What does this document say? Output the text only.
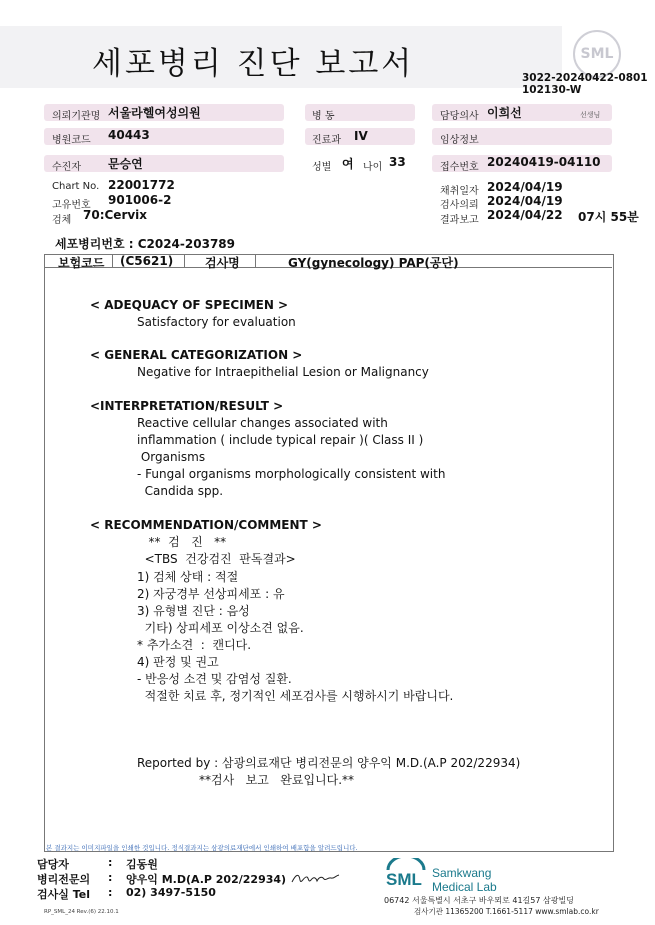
세포병리 진단 보고서	SML
3022-20240422-0801
102130-W
의뢰기관명 서울라헬여성의원	병 동	담당의사 이희선	선생님
병원코드 40443	진료과 IV	임상정보
수진자 문승연	성별 여 나이 33	접수번호 20240419-04110
Chart No. 22001772
고유번호 901006-2
검체 70:Cervix
채취일자 2024/04/19
검사의뢰 2024/04/19
결과보고 2024/04/22 07시 55분
세포병리번호 : C2024-203789
보험코드 (C5621)	검사명	GY(gynecology) PAP(공단)
< ADEQUACY OF SPECIMEN >
Satisfactory for evaluation
< GENERAL CATEGORIZATION >
Negative for Intraepithelial Lesion or Malignancy
<INTERPRETATION/RESULT >
Reactive cellular changes associated with
inflammation ( include typical repair )( Class II )
Organisms
- Fungal organisms morphologically consistent with
Candida spp.
< RECOMMENDATION/COMMENT >
**  검   진   **
<TBS  건강검진  판독결과>
1) 검체 상태 : 적절
2) 자궁경부 선상피세포 : 유
3) 유형별 진단 : 음성
기타) 상피세포 이상소견 없음.
* 추가소견  :  캔디다.
4) 판정 및 권고
- 반응성 소견 및 감염성 질환.
적절한 치료 후, 정기적인 세포검사를 시행하시기 바랍니다.
Reported by : 삼광의료재단 병리전문의 양우익 M.D.(A.P 202/22934)
**검사   보고   완료입니다.**
본 결과지는 이미지파일을 인쇄한 것입니다. 정식결과지는 삼광의료재단에서 인쇄하여 배포함을 알려드립니다.
담당자	: 김동원
병리전문의 : 양우익 M.D(A.P 202/22934)
검사실 Tel : 02) 3497-5150
RP_SML_24 Rev.(6) 22.10.1
SML Samkwang
Medical Lab
06742 서울특별시 서초구 바우뫼로 41길57 삼광빌딩
검사기관 11365200 T.1661-5117 www.smlab.co.kr
